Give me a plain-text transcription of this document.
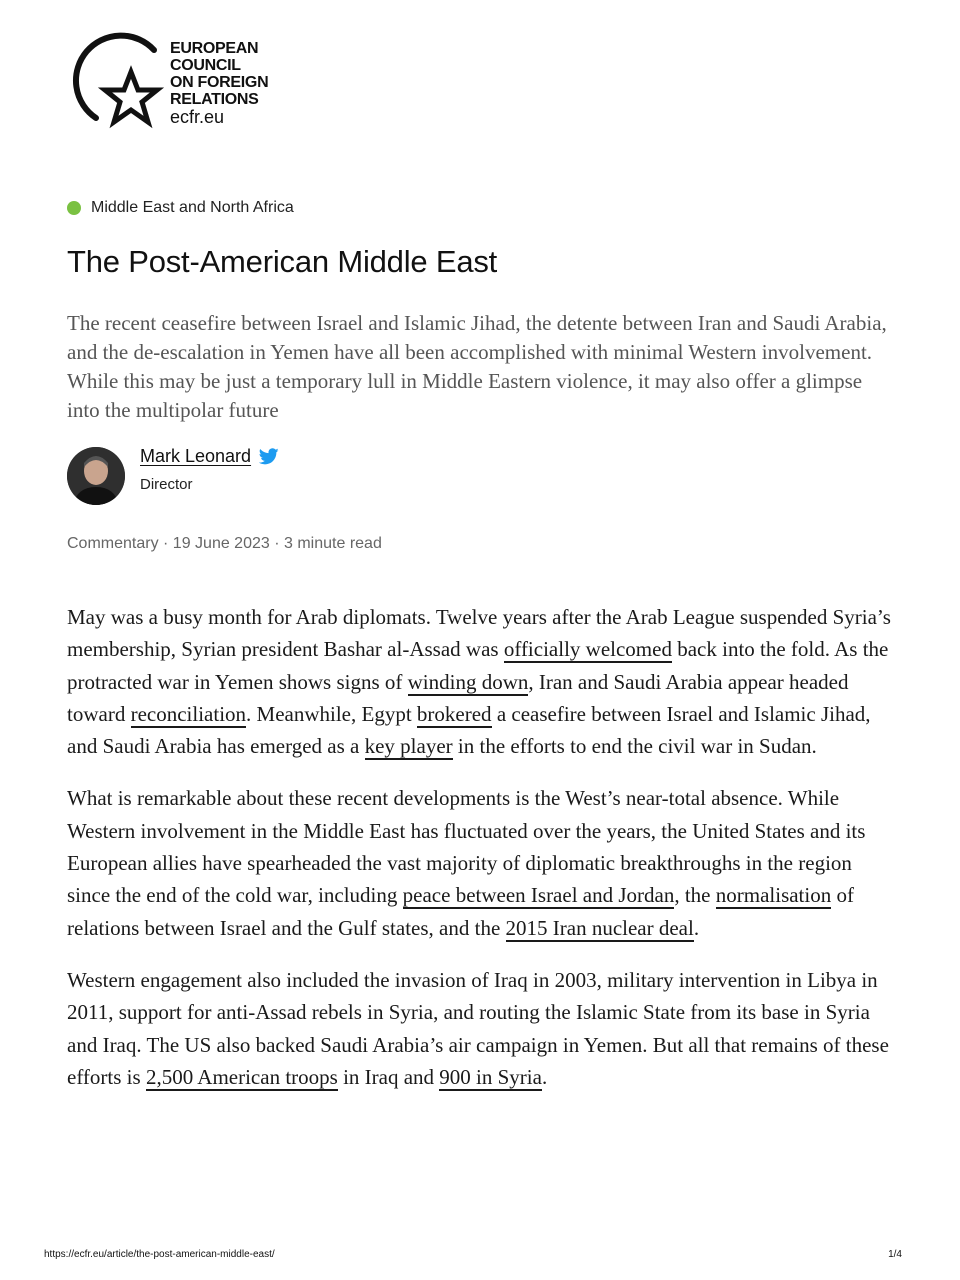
EUROPEAN
COUNCIL
ON FOREIGN
RELATIONS
ecfr.eu
Middle East and North Africa
The Post-American Middle East

The recent ceasefire between Israel and Islamic Jihad, the detente between Iran and Saudi Arabia, and the de-escalation in Yemen have all been accomplished with minimal Western involvement. While this may be just a temporary lull in Middle Eastern violence, it may also offer a glimpse into the multipolar future

Mark Leonard
Director
Commentary · 19 June 2023 · 3 minute read

May was a busy month for Arab diplomats. Twelve years after the Arab League suspended Syria’s membership, Syrian president Bashar al-Assad was officially welcomed back into the fold. As the protracted war in Yemen shows signs of winding down, Iran and Saudi Arabia appear headed toward reconciliation. Meanwhile, Egypt brokered a ceasefire between Israel and Islamic Jihad, and Saudi Arabia has emerged as a key player in the efforts to end the civil war in Sudan.

What is remarkable about these recent developments is the West’s near-total absence. While Western involvement in the Middle East has fluctuated over the years, the United States and its European allies have spearheaded the vast majority of diplomatic breakthroughs in the region since the end of the cold war, including peace between Israel and Jordan, the normalisation of relations between Israel and the Gulf states, and the 2015 Iran nuclear deal.

Western engagement also included the invasion of Iraq in 2003, military intervention in Libya in 2011, support for anti-Assad rebels in Syria, and routing the Islamic State from its base in Syria and Iraq. The US also backed Saudi Arabia’s air campaign in Yemen. But all that remains of these efforts is 2,500 American troops in Iraq and 900 in Syria.

https://ecfr.eu/article/the-post-american-middle-east/	1/4
